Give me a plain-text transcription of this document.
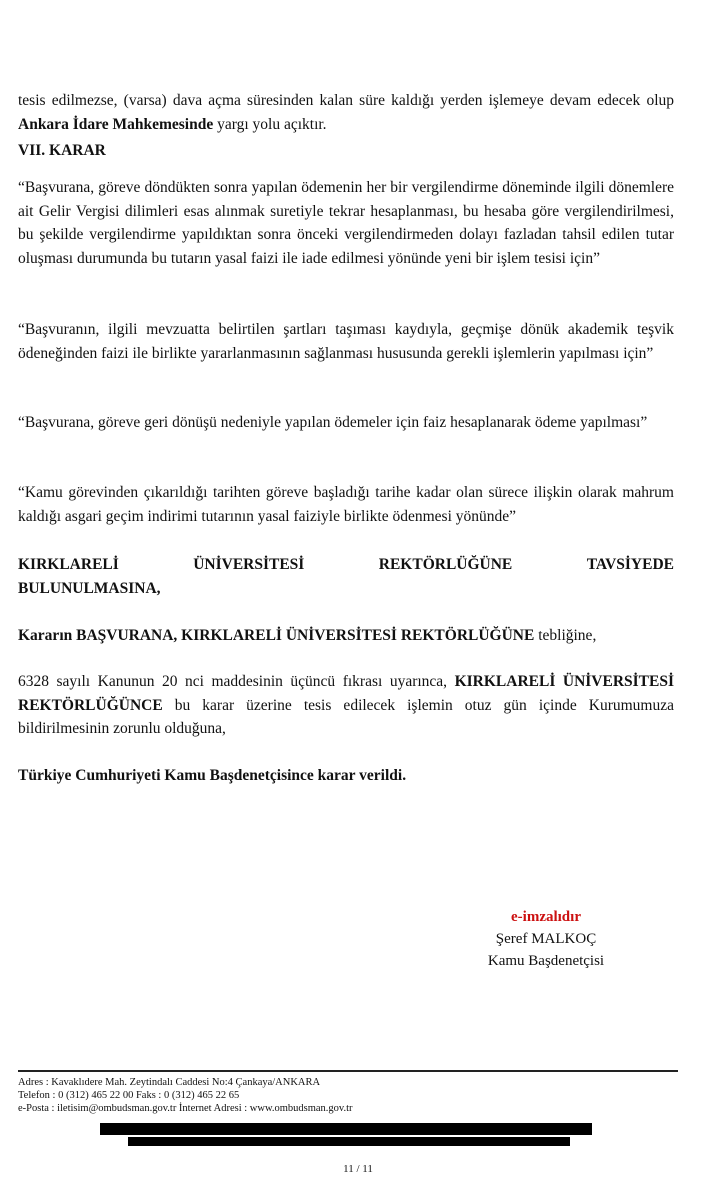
tesis edilmezse, (varsa) dava açma süresinden kalan süre kaldığı yerden işlemeye devam edecek olup Ankara İdare Mahkemesinde yargı yolu açıktır.

VII. KARAR

“Başvurana, göreve döndükten sonra yapılan ödemenin her bir vergilendirme döneminde ilgili dönemlere ait Gelir Vergisi dilimleri esas alınmak suretiyle tekrar hesaplanması, bu hesaba göre vergilendirilmesi, bu şekilde vergilendirme yapıldıktan sonra önceki vergilendirmeden dolayı fazladan tahsil edilen tutar oluşması durumunda bu tutarın yasal faizi ile iade edilmesi yönünde yeni bir işlem tesisi için”

“Başvuranın, ilgili mevzuatta belirtilen şartları taşıması kaydıyla, geçmişe dönük akademik teşvik ödeneğinden faizi ile birlikte yararlanmasının sağlanması hususunda gerekli işlemlerin yapılması için”

“Başvurana, göreve geri dönüşü nedeniyle yapılan ödemeler için faiz hesaplanarak ödeme yapılması”

“Kamu görevinden çıkarıldığı tarihten göreve başladığı tarihe kadar olan sürece ilişkin olarak mahrum kaldığı asgari geçim indirimi tutarının yasal faiziyle birlikte ödenmesi yönünde”

KIRKLARELİ	ÜNİVERSİTESİ	REKTÖRLÜĞÜNE	TAVSİYEDE
BULUNULMASINA,

Kararın BAŞVURANA, KIRKLARELİ ÜNİVERSİTESİ REKTÖRLÜĞÜNE tebliğine,

6328 sayılı Kanunun 20 nci maddesinin üçüncü fıkrası uyarınca, KIRKLARELİ ÜNİVERSİTESİ REKTÖRLÜĞÜNCE bu karar üzerine tesis edilecek işlemin otuz gün içinde Kurumumuza bildirilmesinin zorunlu olduğuna,

Türkiye Cumhuriyeti Kamu Başdenetçisince karar verildi.

e-imzalıdır
Şeref MALKOÇ
Kamu Başdenetçisi
Adres : Kavaklıdere Mah. Zeytindalı Caddesi No:4 Çankaya/ANKARA
Telefon : 0 (312) 465 22 00 Faks : 0 (312) 465 22 65
e-Posta : iletisim@ombudsman.gov.tr İnternet Adresi : www.ombudsman.gov.tr
11 / 11
